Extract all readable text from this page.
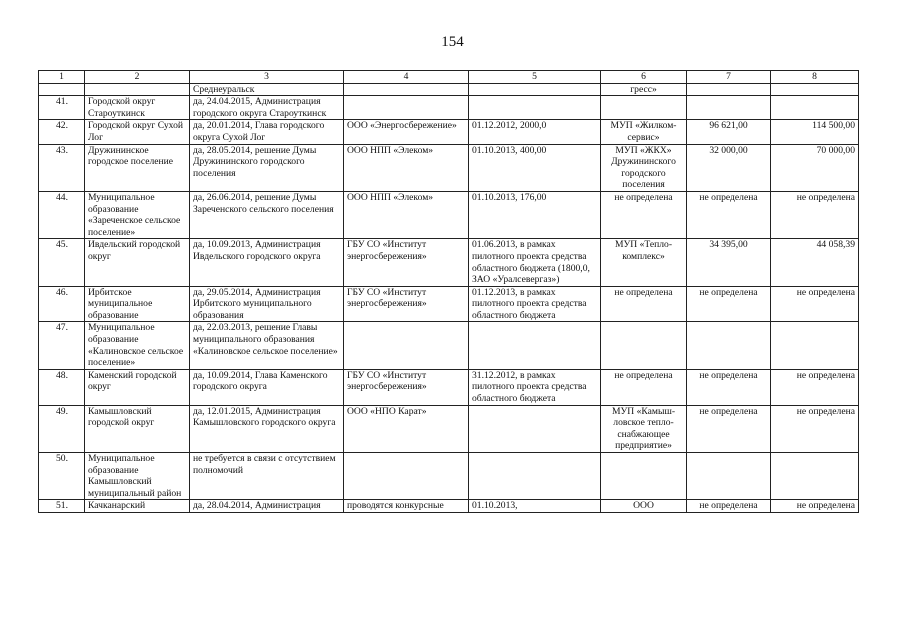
154
1	2	3	4	5	6	7	8
		Среднеуральск			гресс»		
41.	Городской округ Староуткинск	да, 24.04.2015, Администрация городского округа Староуткинск					
42.	Городской округ Сухой Лог	да, 20.01.2014, Глава городского округа Сухой Лог	ООО «Энергосбережение»	01.12.2012, 2000,0	МУП «Жилком-сервис»	96 621,00	114 500,00
43.	Дружининское городское поселение	да, 28.05.2014, решение Думы Дружининского городского поселения	ООО НПП «Элеком»	01.10.2013, 400,00	МУП «ЖКХ» Дружининского городского поселения	32 000,00	70 000,00
44.	Муниципальное образование «Зареченское сельское поселение»	да, 26.06.2014, решение Думы Зареченского сельского поселения	ООО НПП «Элеком»	01.10.2013, 176,00	не определена	не определена	не определена
45.	Ивдельский городской округ	да, 10.09.2013, Администрация Ивдельского городского округа	ГБУ СО «Институт энергосбережения»	01.06.2013, в рамках пилотного проекта средства областного бюджета (1800,0, ЗАО «Уралсевергаз»)	МУП «Тепло-комплекс»	34 395,00	44 058,39
46.	Ирбитское муниципальное образование	да, 29.05.2014, Администрация Ирбитского муниципального образования	ГБУ СО «Институт энергосбережения»	01.12.2013, в рамках пилотного проекта средства областного бюджета	не определена	не определена	не определена
47.	Муниципальное образование «Калиновское сельское поселение»	да, 22.03.2013, решение Главы муниципального образования «Калиновское сельское поселение»					
48.	Каменский городской округ	да, 10.09.2014, Глава Каменского городского округа	ГБУ СО «Институт энергосбережения»	31.12.2012, в рамках пилотного проекта средства областного бюджета	не определена	не определена	не определена
49.	Камышловский городской округ	да, 12.01.2015, Администрация Камышловского городского округа	ООО «НПО Карат»		МУП «Камыш-ловское тепло-снабжающее предприятие»	не определена	не определена
50.	Муниципальное образование Камышловский муниципальный район	не требуется в связи с отсутствием полномочий					
51.	Качканарский	да, 28.04.2014, Администрация	проводятся конкурсные	01.10.2013,	ООО	не определена	не определена
